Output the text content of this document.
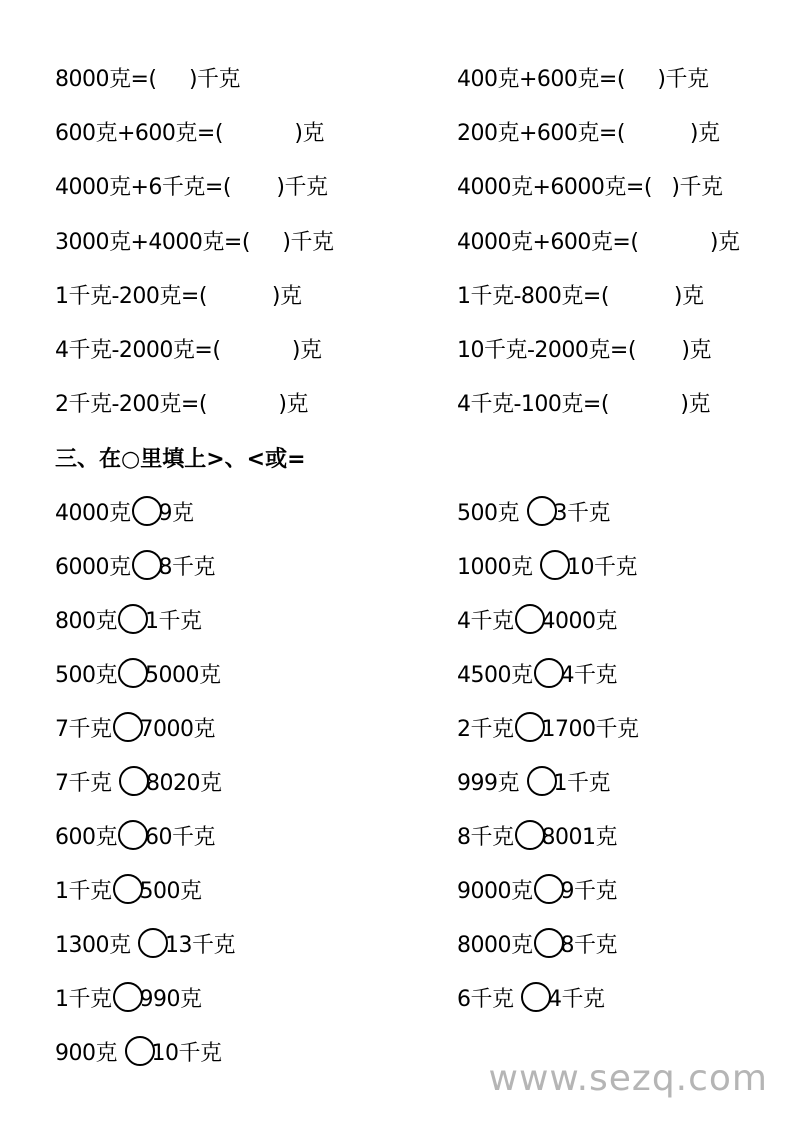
8000克=(     )千克	400克+600克=(     )千克
600克+600克=(           )克	200克+600克=(          )克
4000克+6千克=(       )千克	4000克+6000克=(   )千克
3000克+4000克=(     )千克	4000克+600克=(           )克
1千克-200克=(          )克	1千克-800克=(          )克
4千克-2000克=(           )克	10千克-2000克=(       )克
2千克-200克=(           )克	4千克-100克=(           )克
三、在○里填上>、<或=
4000克 9克	500克 3千克
6000克 8千克	1000克 10千克
800克 1千克	4千克 4000克
500克 5000克	4500克 4千克
7千克 7000克	2千克 1700千克
7千克 8020克	999克 1千克
600克 60千克	8千克 8001克
1千克 500克	9000克 9千克
1300克 13千克	8000克 8千克
1千克 990克	6千克 4千克
900克 10千克
www.sezq.com
